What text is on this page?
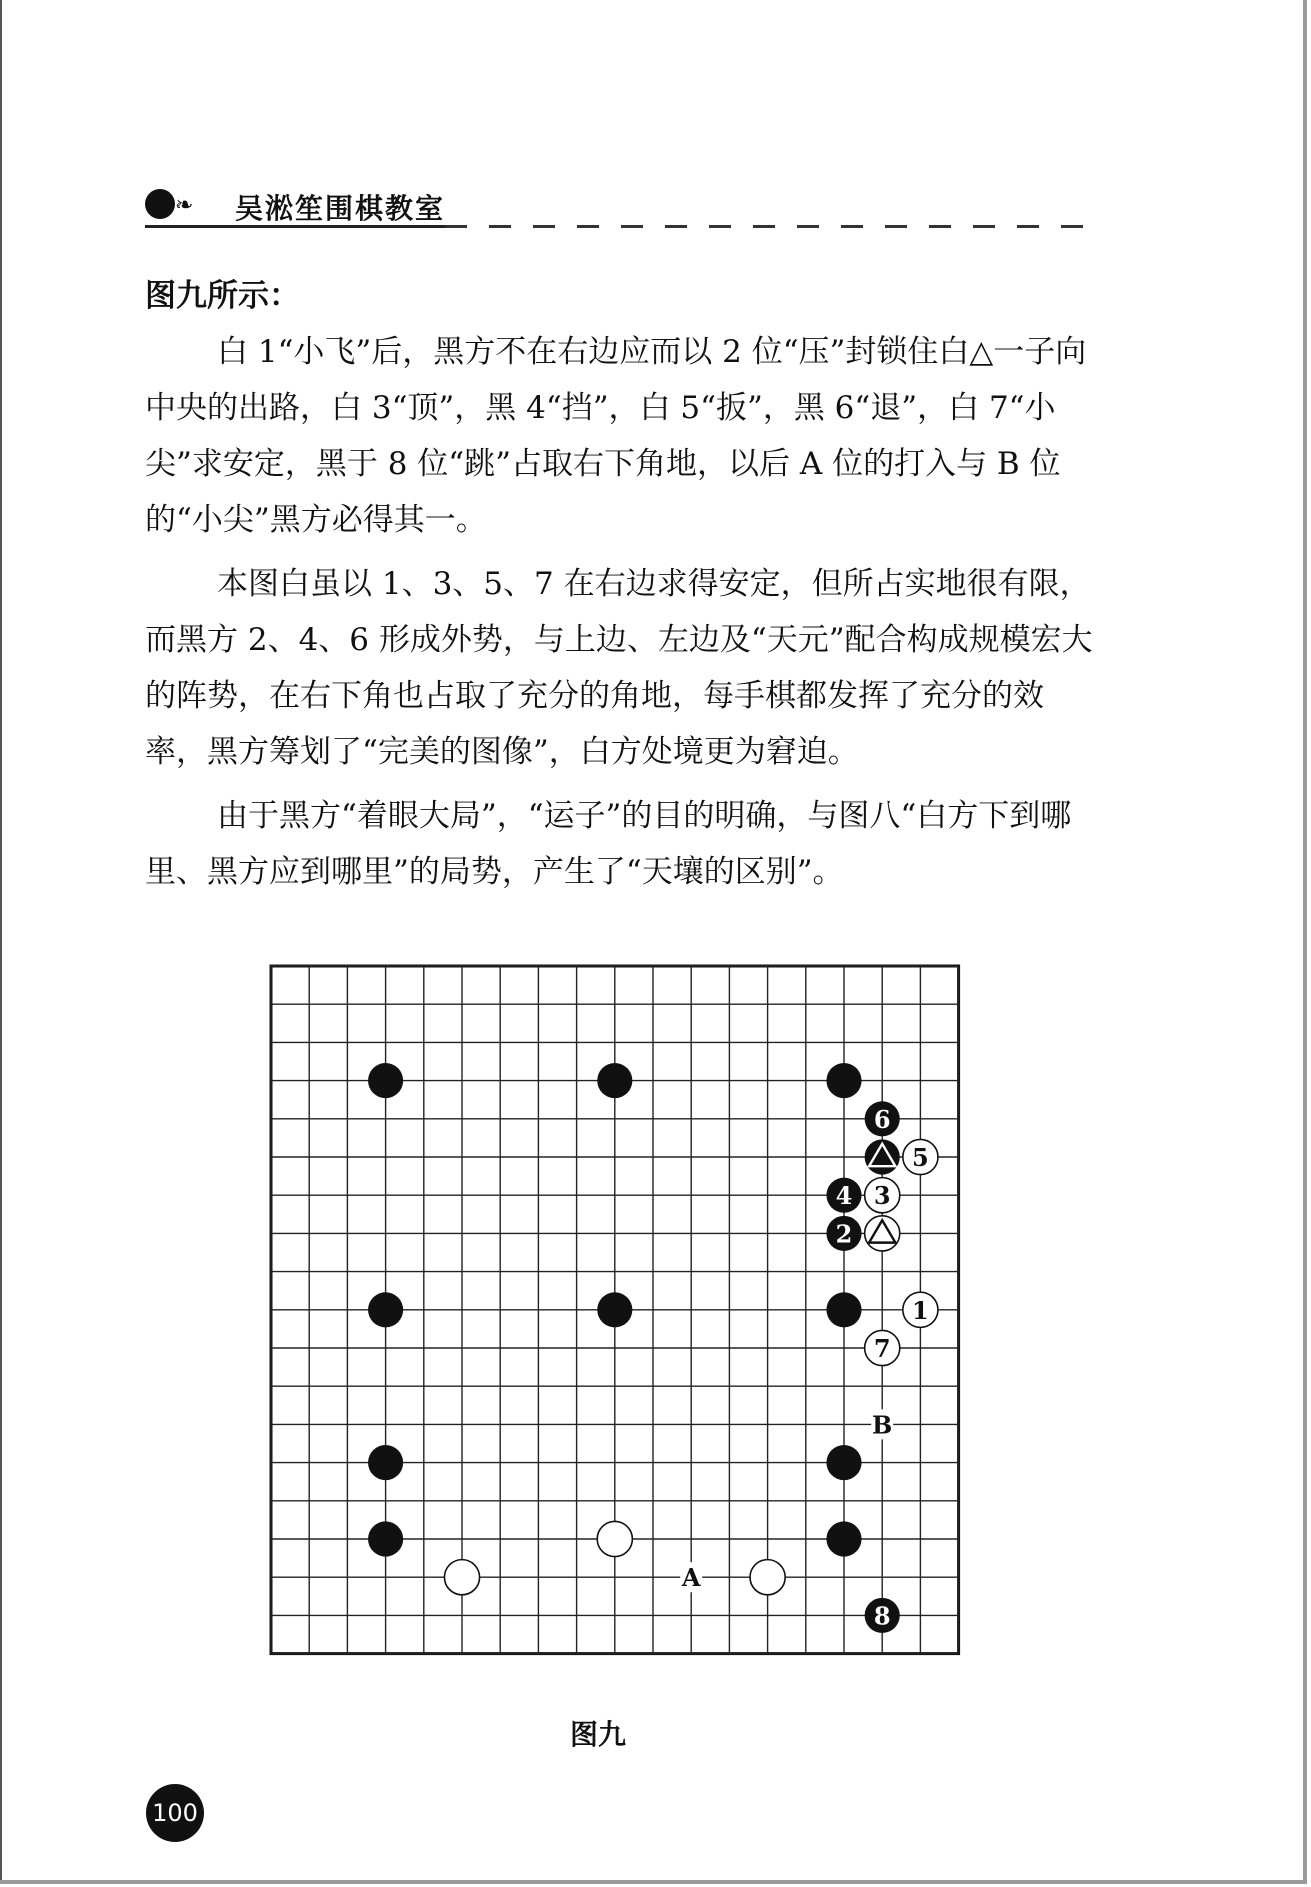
❧ 吴淞笙围棋教室
图九所示：

白 1“小飞”后，黑方不在右边应而以 2 位“压”封锁住白△一子向中央的出路，白 3“顶”，黑 4“挡”，白 5“扳”，黑 6“退”，白 7“小尖”求安定，黑于 8 位“跳”占取右下角地，以后 A 位的打入与 B 位的“小尖”黑方必得其一。

本图白虽以 1、3、5、7 在右边求得安定，但所占实地很有限，而黑方 2、4、6 形成外势，与上边、左边及“天元”配合构成规模宏大的阵势，在右下角也占取了充分的角地，每手棋都发挥了充分的效率，黑方筹划了“完美的图像”，白方处境更为窘迫。

由于黑方“着眼大局”，“运子”的目的明确，与图八“白方下到哪里、黑方应到哪里”的局势，产生了“天壤的区别”。

6
4
2
8
5
3
1
7
A
B
图九
100
